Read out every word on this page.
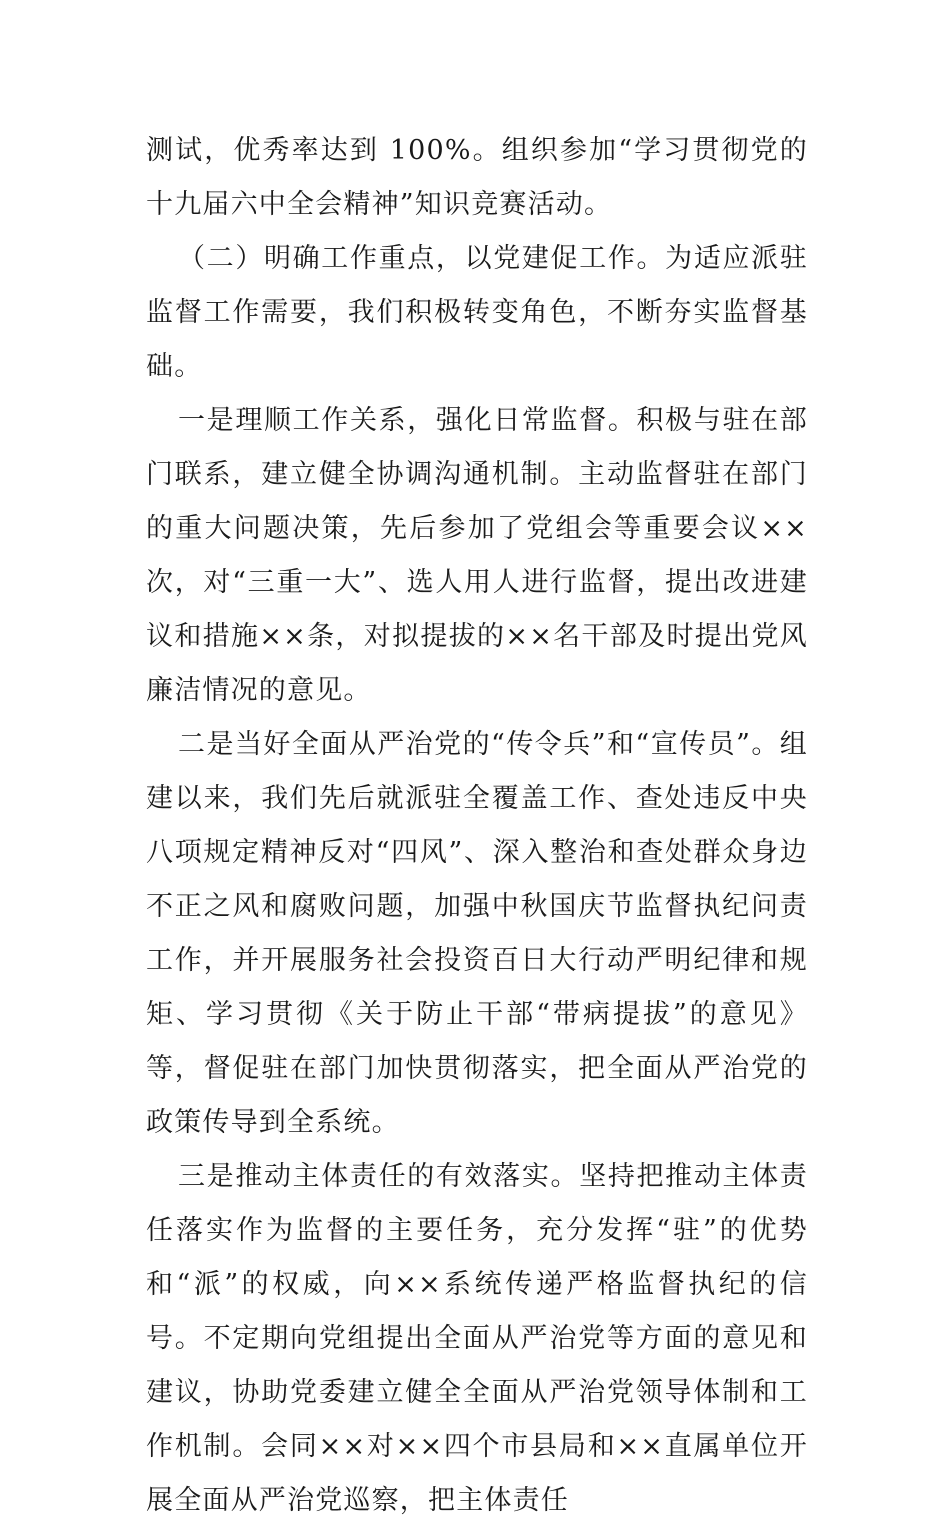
测试，优秀率达到 100%。组织参加“学习贯彻党的十九届六中全会精神”知识竞赛活动。

（二）明确工作重点，以党建促工作。为适应派驻监督工作需要，我们积极转变角色，不断夯实监督基础。

一是理顺工作关系，强化日常监督。积极与驻在部门联系，建立健全协调沟通机制。主动监督驻在部门的重大问题决策，先后参加了党组会等重要会议××次，对“三重一大”、选人用人进行监督，提出改进建议和措施××条，对拟提拔的××名干部及时提出党风廉洁情况的意见。

二是当好全面从严治党的“传令兵”和“宣传员”。组建以来，我们先后就派驻全覆盖工作、查处违反中央八项规定精神反对“四风”、深入整治和查处群众身边不正之风和腐败问题，加强中秋国庆节监督执纪问责工作，并开展服务社会投资百日大行动严明纪律和规矩、学习贯彻《关于防止干部“带病提拔”的意见》等，督促驻在部门加快贯彻落实，把全面从严治党的政策传导到全系统。

三是推动主体责任的有效落实。坚持把推动主体责任落实作为监督的主要任务，充分发挥“驻”的优势和“派”的权威，向××系统传递严格监督执纪的信号。不定期向党组提出全面从严治党等方面的意见和建议，协助党委建立健全全面从严治党领导体制和工作机制。会同××对××四个市县局和××直属单位开展全面从严治党巡察，把主体责任
